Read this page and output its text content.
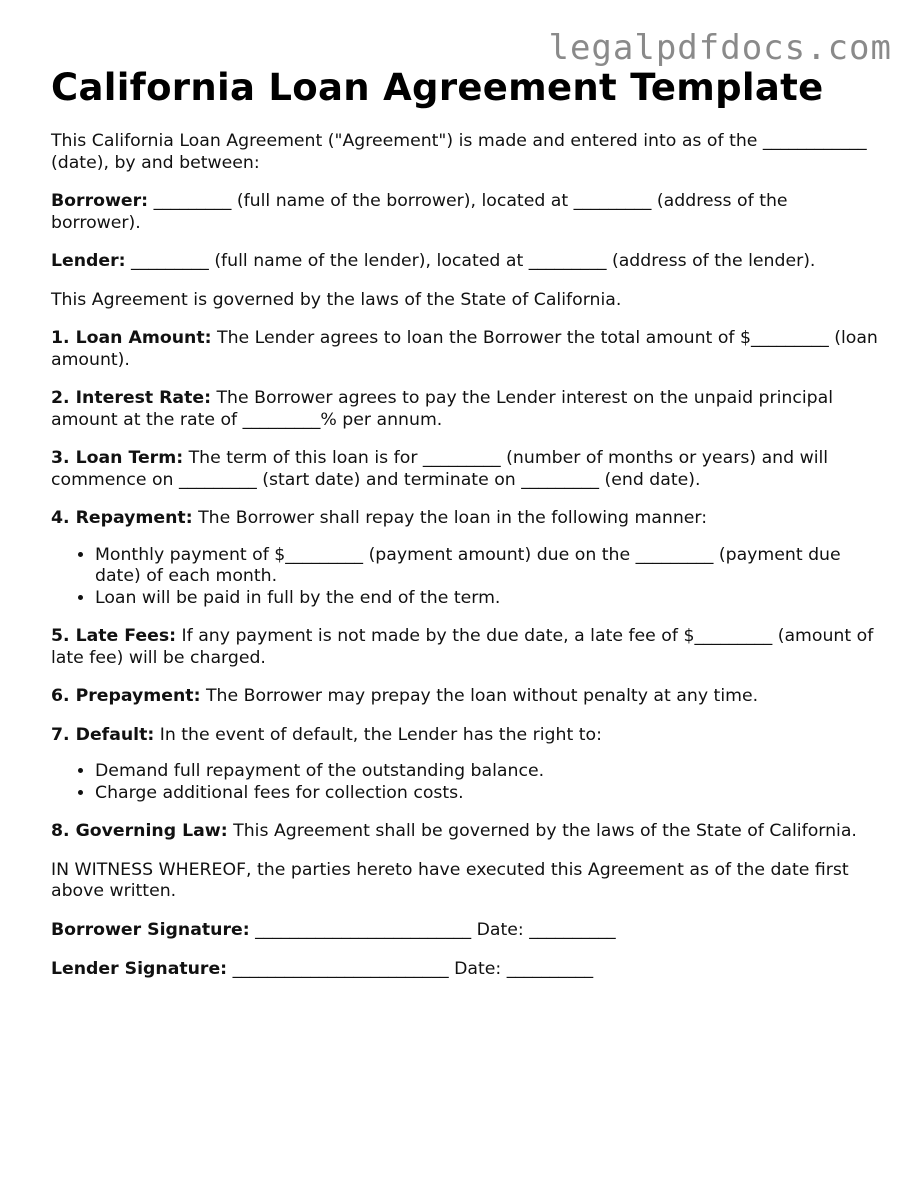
legalpdfdocs.com
California Loan Agreement Template

This California Loan Agreement ("Agreement") is made and entered into as of the ____________ (date), by and between:

Borrower: _________ (full name of the borrower), located at _________ (address of the borrower).

Lender: _________ (full name of the lender), located at _________ (address of the lender).

This Agreement is governed by the laws of the State of California.

1. Loan Amount: The Lender agrees to loan the Borrower the total amount of $_________ (loan amount).

2. Interest Rate: The Borrower agrees to pay the Lender interest on the unpaid principal amount at the rate of _________% per annum.

3. Loan Term: The term of this loan is for _________ (number of months or years) and will commence on _________ (start date) and terminate on _________ (end date).

4. Repayment: The Borrower shall repay the loan in the following manner:

• Monthly payment of $_________ (payment amount) due on the _________ (payment due date) of each month.
• Loan will be paid in full by the end of the term.

5. Late Fees: If any payment is not made by the due date, a late fee of $_________ (amount of late fee) will be charged.

6. Prepayment: The Borrower may prepay the loan without penalty at any time.

7. Default: In the event of default, the Lender has the right to:

• Demand full repayment of the outstanding balance.
• Charge additional fees for collection costs.

8. Governing Law: This Agreement shall be governed by the laws of the State of California.

IN WITNESS WHEREOF, the parties hereto have executed this Agreement as of the date first above written.

Borrower Signature: _________________________ Date: __________

Lender Signature: _________________________ Date: __________
